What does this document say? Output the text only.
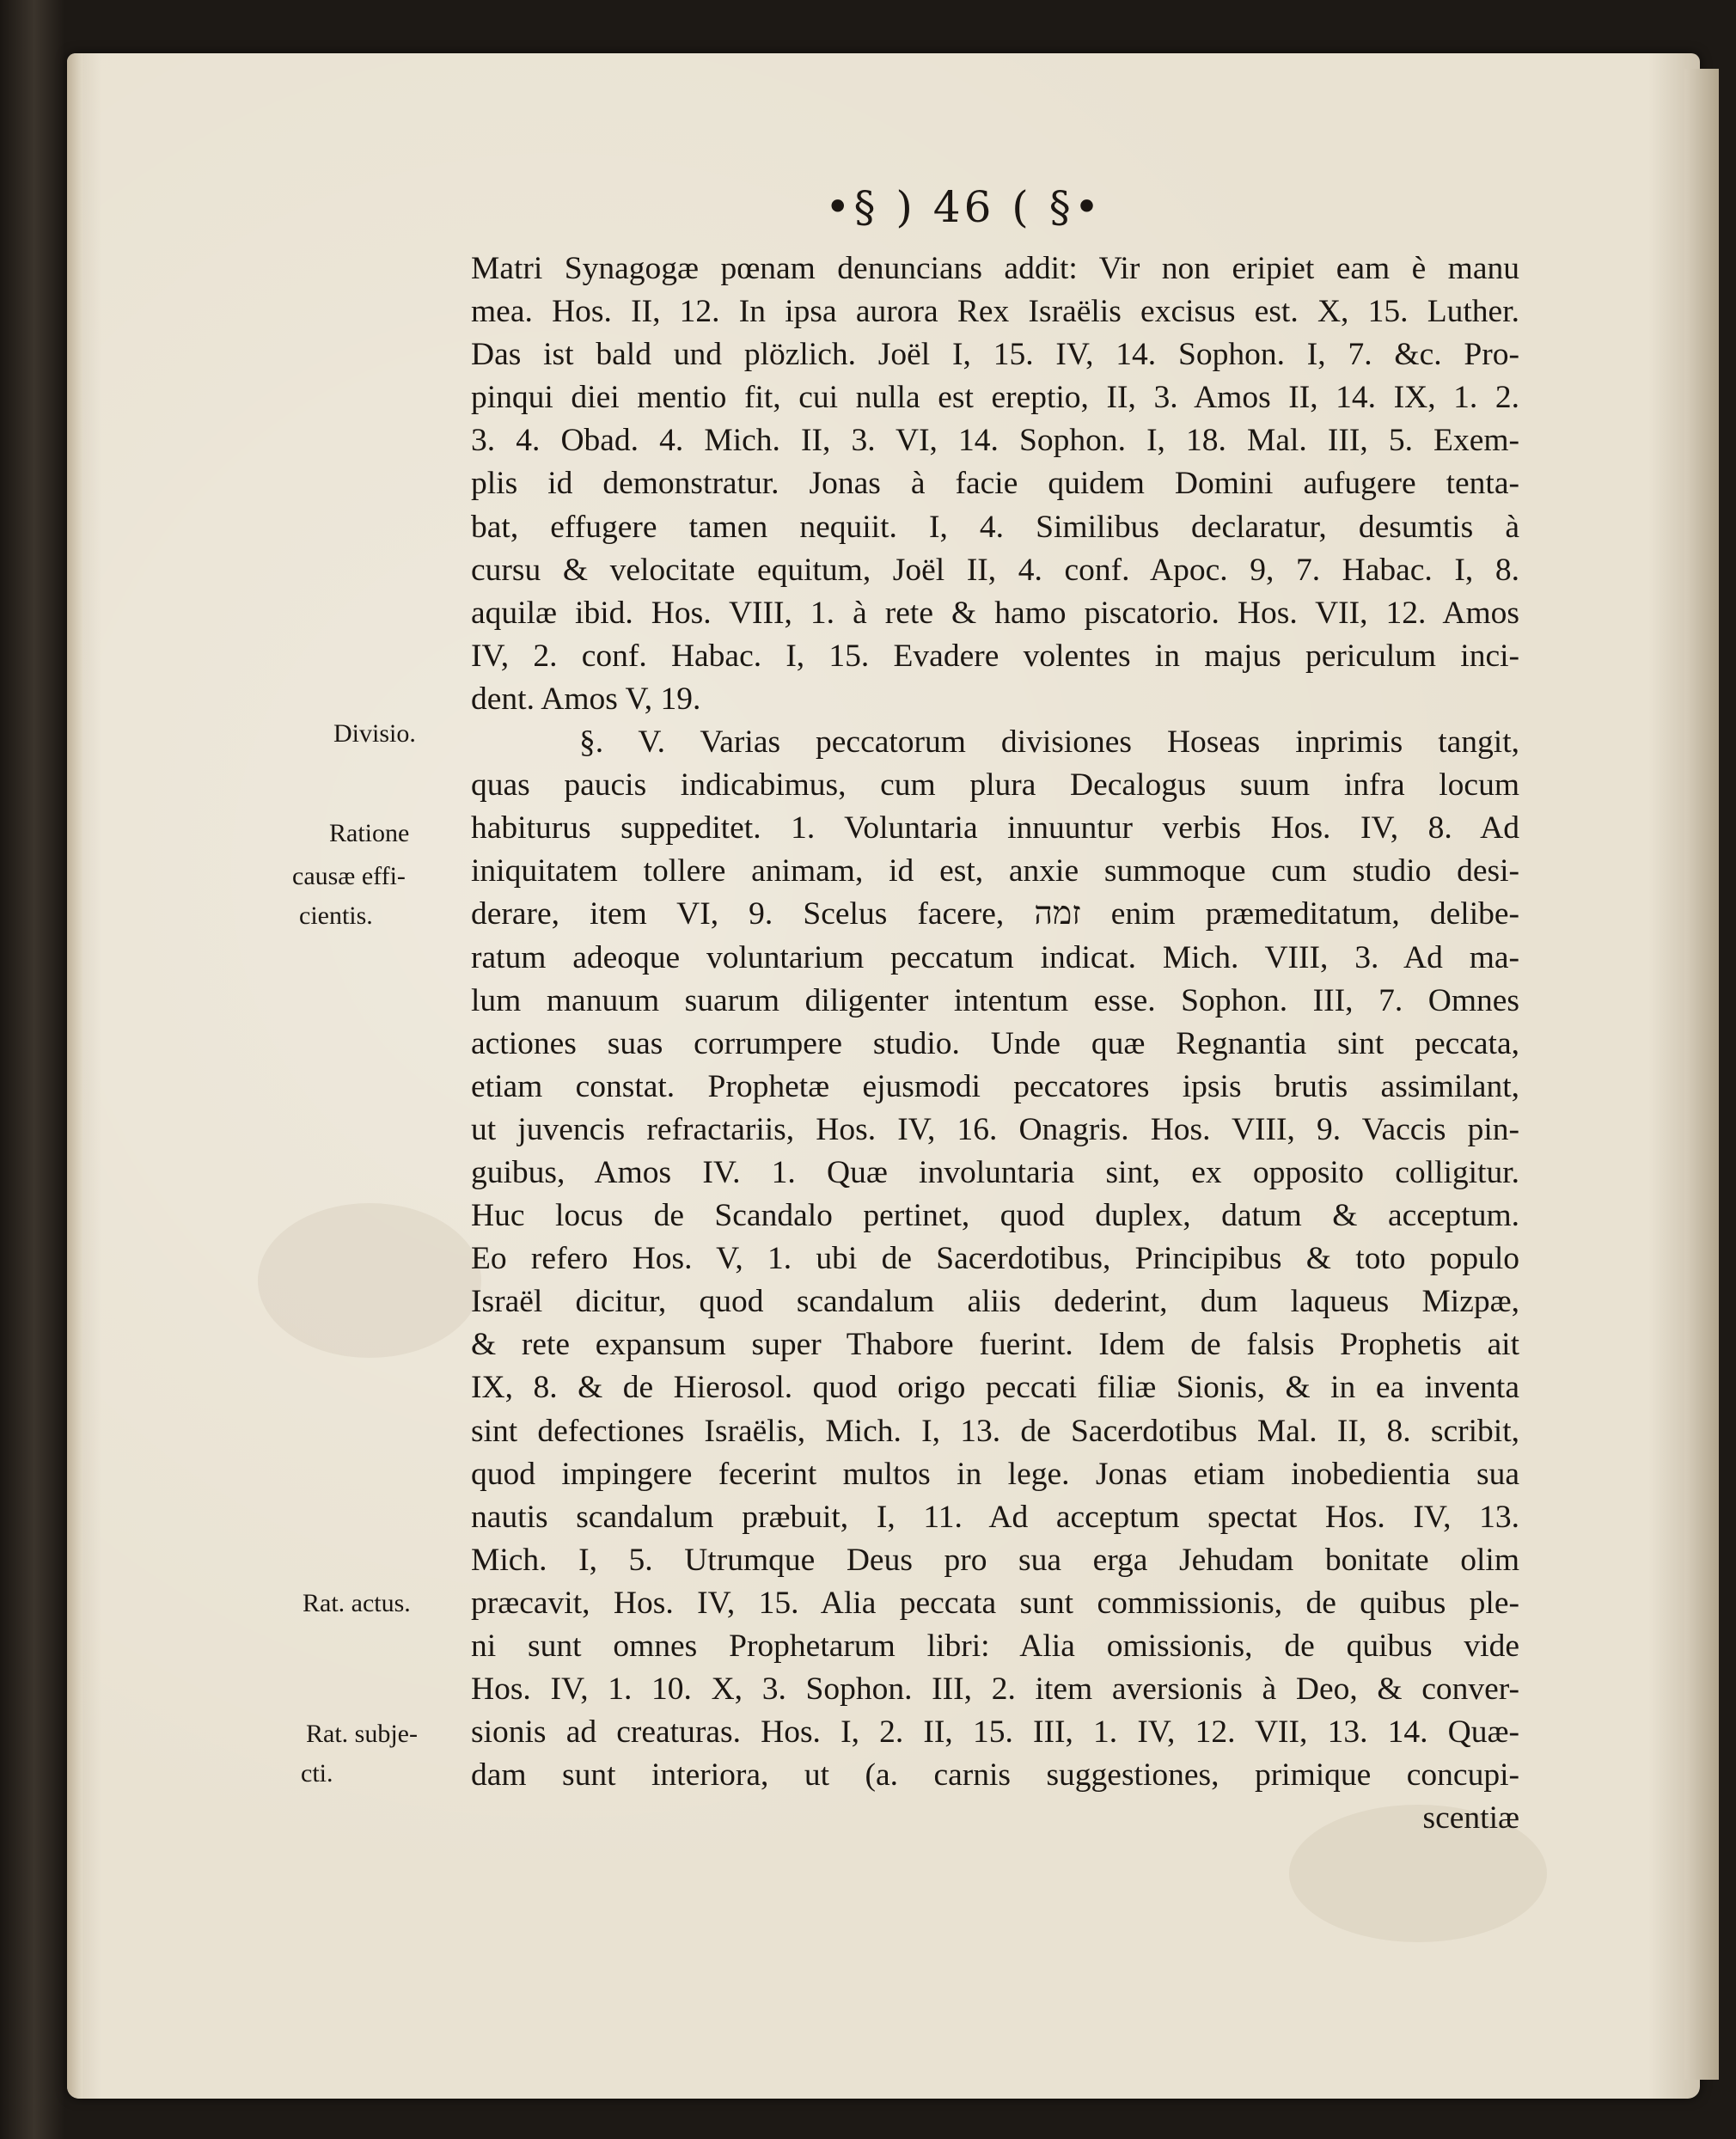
•§ ) 46 ( §•
Matri Synagogæ pœnam denuncians addit: Vir non eripiet eam è manu
mea. Hos. II, 12. In ipsa aurora Rex Israëlis excisus est. X, 15. Luther.
Das ist bald und plözlich. Joël I, 15. IV, 14. Sophon. I, 7. &c. Pro-
pinqui diei mentio fit, cui nulla est ereptio, II, 3. Amos II, 14. IX, 1. 2.
3. 4. Obad. 4. Mich. II, 3. VI, 14. Sophon. I, 18. Mal. III, 5. Exem-
plis id demonstratur. Jonas à facie quidem Domini aufugere tenta-
bat, effugere tamen nequiit. I, 4. Similibus declaratur, desumtis à
cursu & velocitate equitum, Joël II, 4. conf. Apoc. 9, 7. Habac. I, 8.
aquilæ ibid. Hos. VIII, 1. à rete & hamo piscatorio. Hos. VII, 12. Amos
IV, 2. conf. Habac. I, 15. Evadere volentes in majus periculum inci-
dent. Amos V, 19.
§. V. Varias peccatorum divisiones Hoseas inprimis tangit,
quas paucis indicabimus, cum plura Decalogus suum infra locum
habiturus suppeditet. 1. Voluntaria innuuntur verbis Hos. IV, 8. Ad
iniquitatem tollere animam, id est, anxie summoque cum studio desi-
derare, item VI, 9. Scelus facere, זמה enim præmeditatum, delibe-
ratum adeoque voluntarium peccatum indicat. Mich. VIII, 3. Ad ma-
lum manuum suarum diligenter intentum esse. Sophon. III, 7. Omnes
actiones suas corrumpere studio. Unde quæ Regnantia sint peccata,
etiam constat. Prophetæ ejusmodi peccatores ipsis brutis assimilant,
ut juvencis refractariis, Hos. IV, 16. Onagris. Hos. VIII, 9. Vaccis pin-
guibus, Amos IV. 1. Quæ involuntaria sint, ex opposito colligitur.
Huc locus de Scandalo pertinet, quod duplex, datum & acceptum.
Eo refero Hos. V, 1. ubi de Sacerdotibus, Principibus & toto populo
Israël dicitur, quod scandalum aliis dederint, dum laqueus Mizpæ,
& rete expansum super Thabore fuerint. Idem de falsis Prophetis ait
IX, 8. & de Hierosol. quod origo peccati filiæ Sionis, & in ea inventa
sint defectiones Israëlis, Mich. I, 13. de Sacerdotibus Mal. II, 8. scribit,
quod impingere fecerint multos in lege. Jonas etiam inobedientia sua
nautis scandalum præbuit, I, 11. Ad acceptum spectat Hos. IV, 13.
Mich. I, 5. Utrumque Deus pro sua erga Jehudam bonitate olim
præcavit, Hos. IV, 15. Alia peccata sunt commissionis, de quibus ple-
ni sunt omnes Prophetarum libri: Alia omissionis, de quibus vide
Hos. IV, 1. 10. X, 3. Sophon. III, 2. item aversionis à Deo, & conver-
sionis ad creaturas. Hos. I, 2. II, 15. III, 1. IV, 12. VII, 13. 14. Quæ-
dam sunt interiora, ut (a. carnis suggestiones, primique concupi-
scentiæ
Divisio.
Ratione
causæ effi-
cientis.
Rat. actus.
Rat. subje-
cti.
